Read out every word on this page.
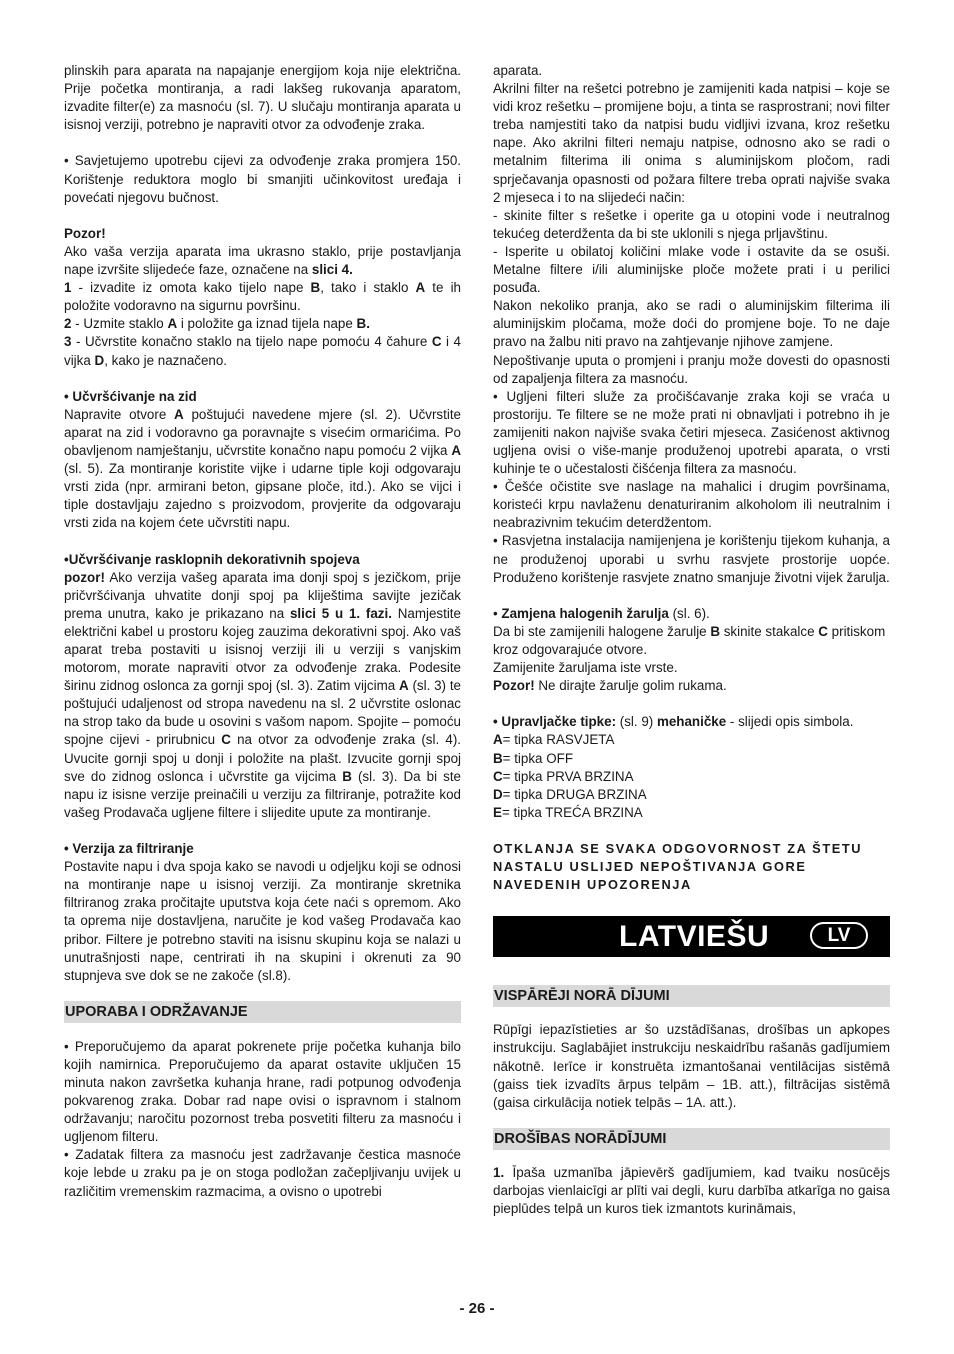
plinskih para aparata na napajanje energijom koja nije električna. Prije početka montiranja, a radi lakšeg rukovanja aparatom, izvadite filter(e) za masnoću (sl. 7). U slučaju montiranja aparata u isisnoj verziji, potrebno je napraviti otvor za odvođenje zraka.

• Savjetujemo upotrebu cijevi za odvođenje zraka promjera 150. Korištenje reduktora moglo bi smanjiti učinkovitost uređaja i povećati njegovu bučnost.

Pozor!

Ako vaša verzija aparata ima ukrasno staklo, prije postavljanja nape izvršite slijedeće faze, označene na slici 4.

1 - izvadite iz omota kako tijelo nape B, tako i staklo A te ih položite vodoravno na sigurnu površinu.

2 - Uzmite staklo A i položite ga iznad tijela nape B.

3 - Učvrstite konačno staklo na tijelo nape pomoću 4 čahure C i 4 vijka D, kako je naznačeno.

• Učvršćivanje na zid

Napravite otvore A poštujući navedene mjere (sl. 2). Učvrstite aparat na zid i vodoravno ga poravnajte s visećim ormarićima. Po obavljenom namještanju, učvrstite konačno napu pomoću 2 vijka A (sl. 5). Za montiranje koristite vijke i udarne tiple koji odgovaraju vrsti zida (npr. armirani beton, gipsane ploče, itd.). Ako se vijci i tiple dostavljaju zajedno s proizvodom, provjerite da odgovaraju vrsti zida na kojem ćete učvrstiti napu.

•Učvršćivanje rasklopnih dekorativnih spojeva

pozor! Ako verzija vašeg aparata ima donji spoj s jezičkom, prije pričvršćivanja uhvatite donji spoj pa kliještima savijte jezičak prema unutra, kako je prikazano na slici 5 u 1. fazi. Namjestite električni kabel u prostoru kojeg zauzima dekorativni spoj. Ako vaš aparat treba postaviti u isisnoj verziji ili u verziji s vanjskim motorom, morate napraviti otvor za odvođenje zraka. Podesite širinu zidnog oslonca za gornji spoj (sl. 3). Zatim vijcima A (sl. 3) te poštujući udaljenost od stropa navedenu na sl. 2 učvrstite oslonac na strop tako da bude u osovini s vašom napom. Spojite – pomoću spojne cijevi - prirubnicu C na otvor za odvođenje zraka (sl. 4). Uvucite gornji spoj u donji i položite na plašt. Izvucite gornji spoj sve do zidnog oslonca i učvrstite ga vijcima B (sl. 3). Da bi ste napu iz isisne verzije preinačili u verziju za filtriranje, potražite kod vašeg Prodavača ugljene filtere i slijedite upute za montiranje.

• Verzija za filtriranje

Postavite napu i dva spoja kako se navodi u odjeljku koji se odnosi na montiranje nape u isisnoj verziji. Za montiranje skretnika filtriranog zraka pročitajte uputstva koja ćete naći s opremom. Ako ta oprema nije dostavljena, naručite je kod vašeg Prodavača kao pribor. Filtere je potrebno staviti na isisnu skupinu koja se nalazi u unutrašnjosti nape, centrirati ih na skupini i okrenuti za 90 stupnjeva sve dok se ne zakoče (sl.8).

UPORABA I ODRŽAVANJE

• Preporučujemo da aparat pokrenete prije početka kuhanja bilo kojih namirnica. Preporučujemo da aparat ostavite uključen 15 minuta nakon završetka kuhanja hrane, radi potpunog odvođenja pokvarenog zraka. Dobar rad nape ovisi o ispravnom i stalnom održavanju; naročitu pozornost treba posvetiti filteru za masnoću i ugljenom filteru.

• Zadatak filtera za masnoću jest zadržavanje čestica masnoće koje lebde u zraku pa je on stoga podložan začepljivanju uvijek u različitim vremenskim razmacima, a ovisno o upotrebi

aparata.

Akrilni filter na rešetci potrebno je zamijeniti kada natpisi – koje se vidi kroz rešetku – promijene boju, a tinta se rasprostrani; novi filter treba namjestiti tako da natpisi budu vidljivi izvana, kroz rešetku nape. Ako akrilni filteri nemaju natpise, odnosno ako se radi o metalnim filterima ili onima s aluminijskom pločom, radi sprječavanja opasnosti od požara filtere treba oprati najviše svaka 2 mjeseca i to na slijedeći način:

- skinite filter s rešetke i operite ga u otopini vode i neutralnog tekućeg deterdženta da bi ste uklonili s njega prljavštinu.

- Isperite u obilatoj količini mlake vode i ostavite da se osuši. Metalne filtere i/ili aluminijske ploče možete prati i u perilici posuđa.

Nakon nekoliko pranja, ako se radi o aluminijskim filterima ili aluminijskim pločama, može doći do promjene boje. To ne daje pravo na žalbu niti pravo na zahtjevanje njihove zamjene.

Nepoštivanje uputa o promjeni i pranju može dovesti do opasnosti od zapaljenja filtera za masnoću.

• Ugljeni filteri služe za pročišćavanje zraka koji se vraća u prostoriju. Te filtere se ne može prati ni obnavljati i potrebno ih je zamijeniti nakon najviše svaka četiri mjeseca. Zasićenost aktivnog ugljena ovisi o više-manje produženoj upotrebi aparata, o vrsti kuhinje te o učestalosti čišćenja filtera za masnoću.

• Češće očistite sve naslage na mahalici i drugim površinama, koristeći krpu navlaženu denaturiranim alkoholom ili neutralnim i neabrazivnim tekućim deterdžentom.

• Rasvjetna instalacija namijenjena je korištenju tijekom kuhanja, a ne produženoj uporabi u svrhu rasvjete prostorije uopće. Produženo korištenje rasvjete znatno smanjuje životni vijek žarulja.

• Zamjena halogenih žarulja (sl. 6).

Da bi ste zamijenili halogene žarulje B skinite stakalce C pritiskom kroz odgovarajuće otvore.

Zamijenite žaruljama iste vrste.

Pozor! Ne dirajte žarulje golim rukama.

• Upravljačke tipke: (sl. 9) mehaničke - slijedi opis simbola.

A= tipka RASVJETA

B= tipka OFF

C= tipka PRVA BRZINA

D= tipka DRUGA BRZINA

E= tipka TREĆA BRZINA

OTKLANJA SE SVAKA ODGOVORNOST ZA ŠTETU NASTALU USLIJED NEPOŠTIVANJA GORE NAVEDENIH UPOZORENJA

LATVIEŠU	LV
VISPĀRĒJI NORĀ DĪJUMI

Rūpīgi iepazīstieties ar šo uzstādīšanas, drošības un apkopes instrukciju. Saglabājiet instrukciju neskaidrību rašanās gadījumiem nākotnē. Ierīce ir konstruēta izmantošanai ventilācijas sistēmā (gaiss tiek izvadīts ārpus telpām – 1B. att.), filtrācijas sistēmā (gaisa cirkulācija notiek telpās – 1A. att.).

DROŠĪBAS NORĀDĪJUMI

1. Īpaša uzmanība jāpievērš gadījumiem, kad tvaiku nosūcējs darbojas vienlaicīgi ar plīti vai degli, kuru darbība atkarīga no gaisa pieplūdes telpā un kuros tiek izmantots kurināmais,

- 26 -
